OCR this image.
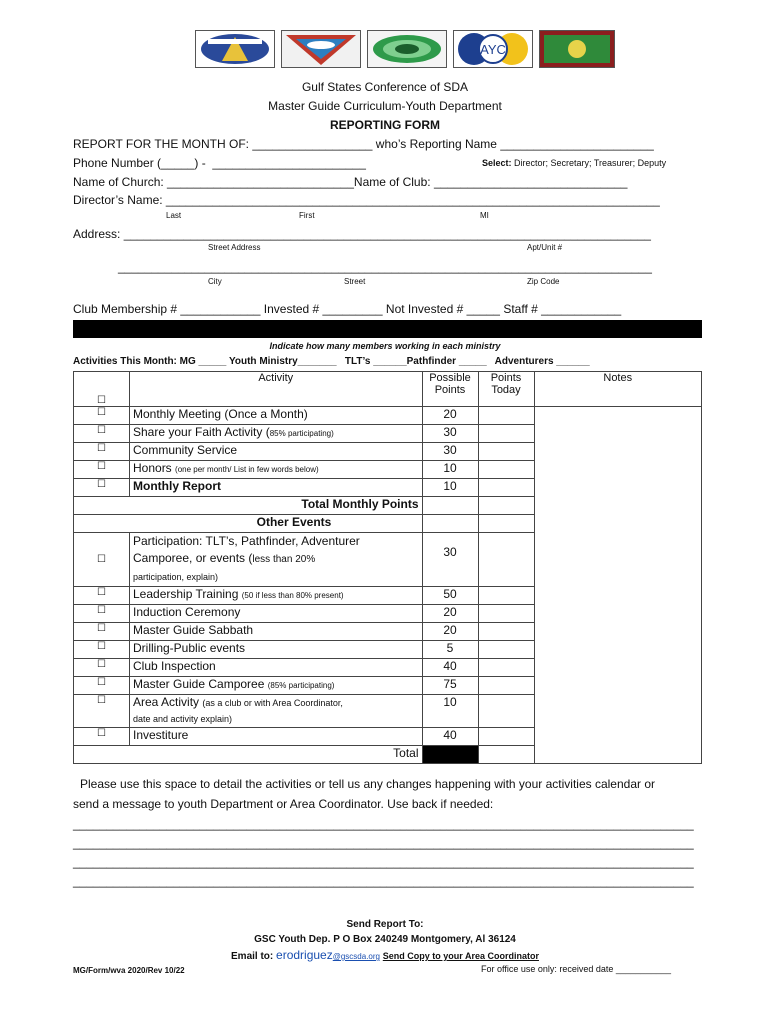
AYC
Gulf States Conference of SDA
Master Guide Curriculum-Youth Department
REPORTING FORM
REPORT FOR THE MONTH OF: __________________ who’s Reporting Name _______________________
Phone Number (_____) -  _______________________	Select: Director; Secretary; Treasurer; Deputy
Name of Church: ____________________________Name of Club: _____________________________
Director’s Name: __________________________________________________________________________
Last	First	MI
Address: _______________________________________________________________________________
Street Address	Apt/Unit #
________________________________________________________________________________
City	Street	Zip Code
Club Membership # ____________ Invested # _________ Not Invested # _____ Staff # ____________
Indicate how many members working in each ministry
Activities This Month: MG _____ Youth Ministry_______   TLT’s ______Pathfinder _____   Adventurers ______
☐	Activity	Possible Points	Points Today	Notes

☐	Monthly Meeting (Once a Month)	20		
☐	Share your Faith Activity (85% participating)	30		
☐	Community Service	30		
☐	Honors (one per month/ List in few words below)	10		
☐	Monthly Report	10		
	Total Monthly Points			
	Other Events			
☐	Participation: TLT’s, Pathfinder, Adventurer
Camporee, or events (less than 20%
participation, explain)	30		
☐	Leadership Training (50 if less than 80% present)	50		
☐	Induction Ceremony	20		
☐	Master Guide Sabbath	20		
☐	Drilling-Public events	5		
☐	Club Inspection	40		
☐	Master Guide Camporee (85% participating)	75		
☐	Area Activity (as a club or with Area Coordinator,
date and activity explain)	10		
☐	Investiture	40		
	Total			
Please use this space to detail the activities or tell us any changes happening with your activities calendar or
send a message to youth Department or Area Coordinator. Use back if needed:
_____________________________________________________________________________________________
_____________________________________________________________________________________________
_____________________________________________________________________________________________
_____________________________________________________________________________________________
Send Report To:
GSC Youth Dep. P O Box 240249 Montgomery, Al 36124
Email to: erodriguez@gscsda.org Send Copy to your Area Coordinator
MG/Form/wva 2020/Rev 10/22	For office use only: received date ___________
